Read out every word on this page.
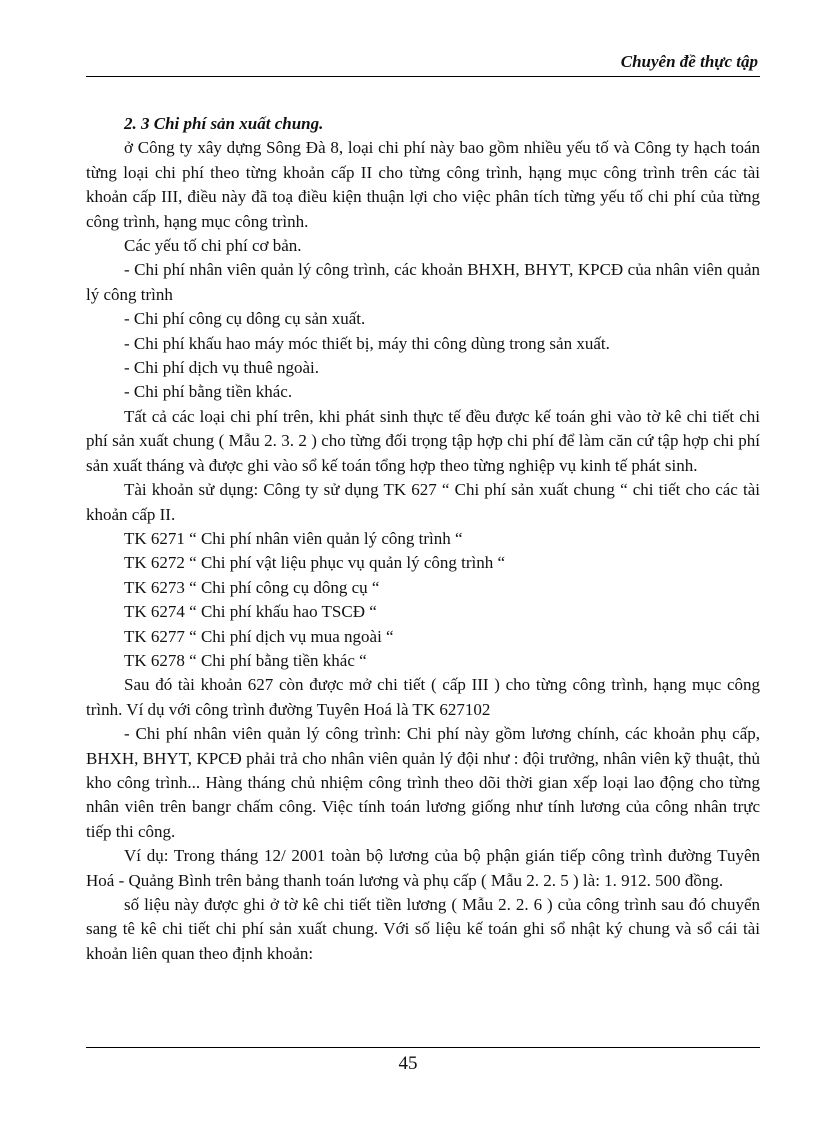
Chuyên đề thực tập

2. 3 Chi phí sản xuất chung.

ở Công ty xây dựng Sông Đà 8, loại chi phí này bao gồm nhiều yếu tố và Công ty hạch toán từng loại chi phí theo từng khoản cấp II cho từng công trình, hạng mục công trình trên các tài khoản cấp III, điều này đã toạ điều kiện thuận lợi cho việc phân tích từng yếu tố chi phí của từng công trình, hạng mục công trình.

Các yếu tố chi phí cơ bản.

- Chi phí nhân viên quản lý công trình, các khoản BHXH, BHYT, KPCĐ của nhân viên quản lý công trình

- Chi phí công cụ dông cụ sản xuất.

- Chi phí khấu hao máy móc thiết bị, máy thi công dùng trong sản xuất.

- Chi phí dịch vụ thuê ngoài.

- Chi phí bằng tiền khác.

Tất cả các loại chi phí trên, khi phát sinh thực tế đều được kế toán ghi vào tờ kê chi tiết chi phí sản xuất chung ( Mẫu 2. 3. 2 ) cho từng đối trọng tập hợp chi phí để làm căn cứ tập hợp chi phí sản xuất tháng và được ghi vào sổ kế toán tổng hợp theo từng nghiệp vụ kinh tế phát sinh.

Tài khoản sử dụng: Công ty sử dụng TK 627 “ Chi phí sản xuất chung “ chi tiết cho các tài khoản cấp II.

TK 6271 “ Chi phí nhân viên quản lý công trình “

TK 6272 “ Chi phí vật liệu phục vụ quản lý công trình “

TK 6273 “ Chi phí công cụ dông cụ “

TK 6274 “ Chi phí khấu hao TSCĐ “

TK 6277 “ Chi phí dịch vụ mua ngoài “

TK 6278 “ Chi phí bằng tiền khác “

Sau đó tài khoản 627 còn được mở chi tiết ( cấp III ) cho từng công trình, hạng mục công trình. Ví dụ với công trình đường Tuyên Hoá là TK 627102

- Chi phí nhân viên quản lý công trình: Chi phí này gồm lương chính, các khoản phụ cấp, BHXH, BHYT, KPCĐ phải trả cho nhân viên quản lý đội như : đội trưởng, nhân viên kỹ thuật, thủ kho công trình... Hàng tháng chủ nhiệm công trình theo dõi thời gian xếp loại lao động cho từng nhân viên trên bangr chấm công. Việc tính toán lương giống như tính lương của công nhân trực tiếp thi công.

Ví dụ: Trong tháng 12/ 2001 toàn bộ lương của bộ phận gián tiếp công trình đường Tuyên Hoá - Quảng Bình trên bảng thanh toán lương và phụ cấp ( Mẫu 2. 2. 5 ) là: 1. 912. 500 đồng.

số liệu này được ghi ở tờ kê chi tiết tiền lương ( Mẫu 2. 2. 6 ) của công trình sau đó chuyển sang tê kê chi tiết chi phí sản xuất chung. Với số liệu kế toán ghi sổ nhật ký chung và sổ cái tài khoản liên quan theo định khoản:

45
